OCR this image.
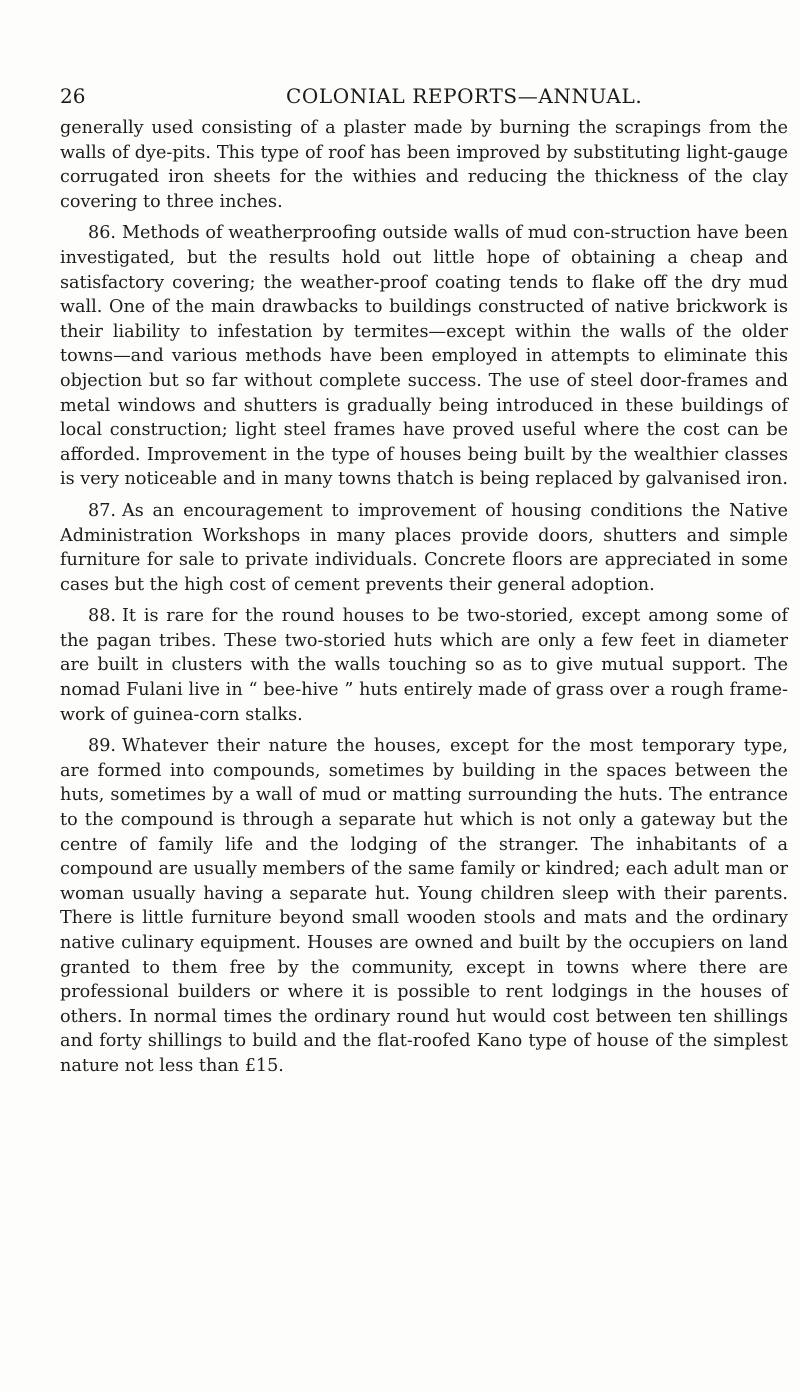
26	COLONIAL REPORTS—ANNUAL.

generally used consisting of a plaster made by burning the scrapings from the walls of dye-pits. This type of roof has been improved by substituting light-gauge corrugated iron sheets for the withies and reducing the thickness of the clay covering to three inches.

86. Methods of weatherproofing outside walls of mud con-struction have been investigated, but the results hold out little hope of obtaining a cheap and satisfactory covering; the weather-proof coating tends to flake off the dry mud wall. One of the main drawbacks to buildings constructed of native brickwork is their liability to infestation by termites—except within the walls of the older towns—and various methods have been employed in attempts to eliminate this objection but so far without complete success. The use of steel door-frames and metal windows and shutters is gradually being introduced in these buildings of local construction; light steel frames have proved useful where the cost can be afforded. Improvement in the type of houses being built by the wealthier classes is very noticeable and in many towns thatch is being replaced by galvanised iron.

87. As an encouragement to improvement of housing conditions the Native Administration Workshops in many places provide doors, shutters and simple furniture for sale to private individuals. Concrete floors are appreciated in some cases but the high cost of cement prevents their general adoption.

88. It is rare for the round houses to be two-storied, except among some of the pagan tribes. These two-storied huts which are only a few feet in diameter are built in clusters with the walls touching so as to give mutual support. The nomad Fulani live in “ bee-hive ” huts entirely made of grass over a rough frame-work of guinea-corn stalks.

89. Whatever their nature the houses, except for the most temporary type, are formed into compounds, sometimes by building in the spaces between the huts, sometimes by a wall of mud or matting surrounding the huts. The entrance to the compound is through a separate hut which is not only a gateway but the centre of family life and the lodging of the stranger. The inhabitants of a compound are usually members of the same family or kindred; each adult man or woman usually having a separate hut. Young children sleep with their parents. There is little furniture beyond small wooden stools and mats and the ordinary native culinary equipment. Houses are owned and built by the occupiers on land granted to them free by the community, except in towns where there are professional builders or where it is possible to rent lodgings in the houses of others. In normal times the ordinary round hut would cost between ten shillings and forty shillings to build and the flat-roofed Kano type of house of the simplest nature not less than £15.
